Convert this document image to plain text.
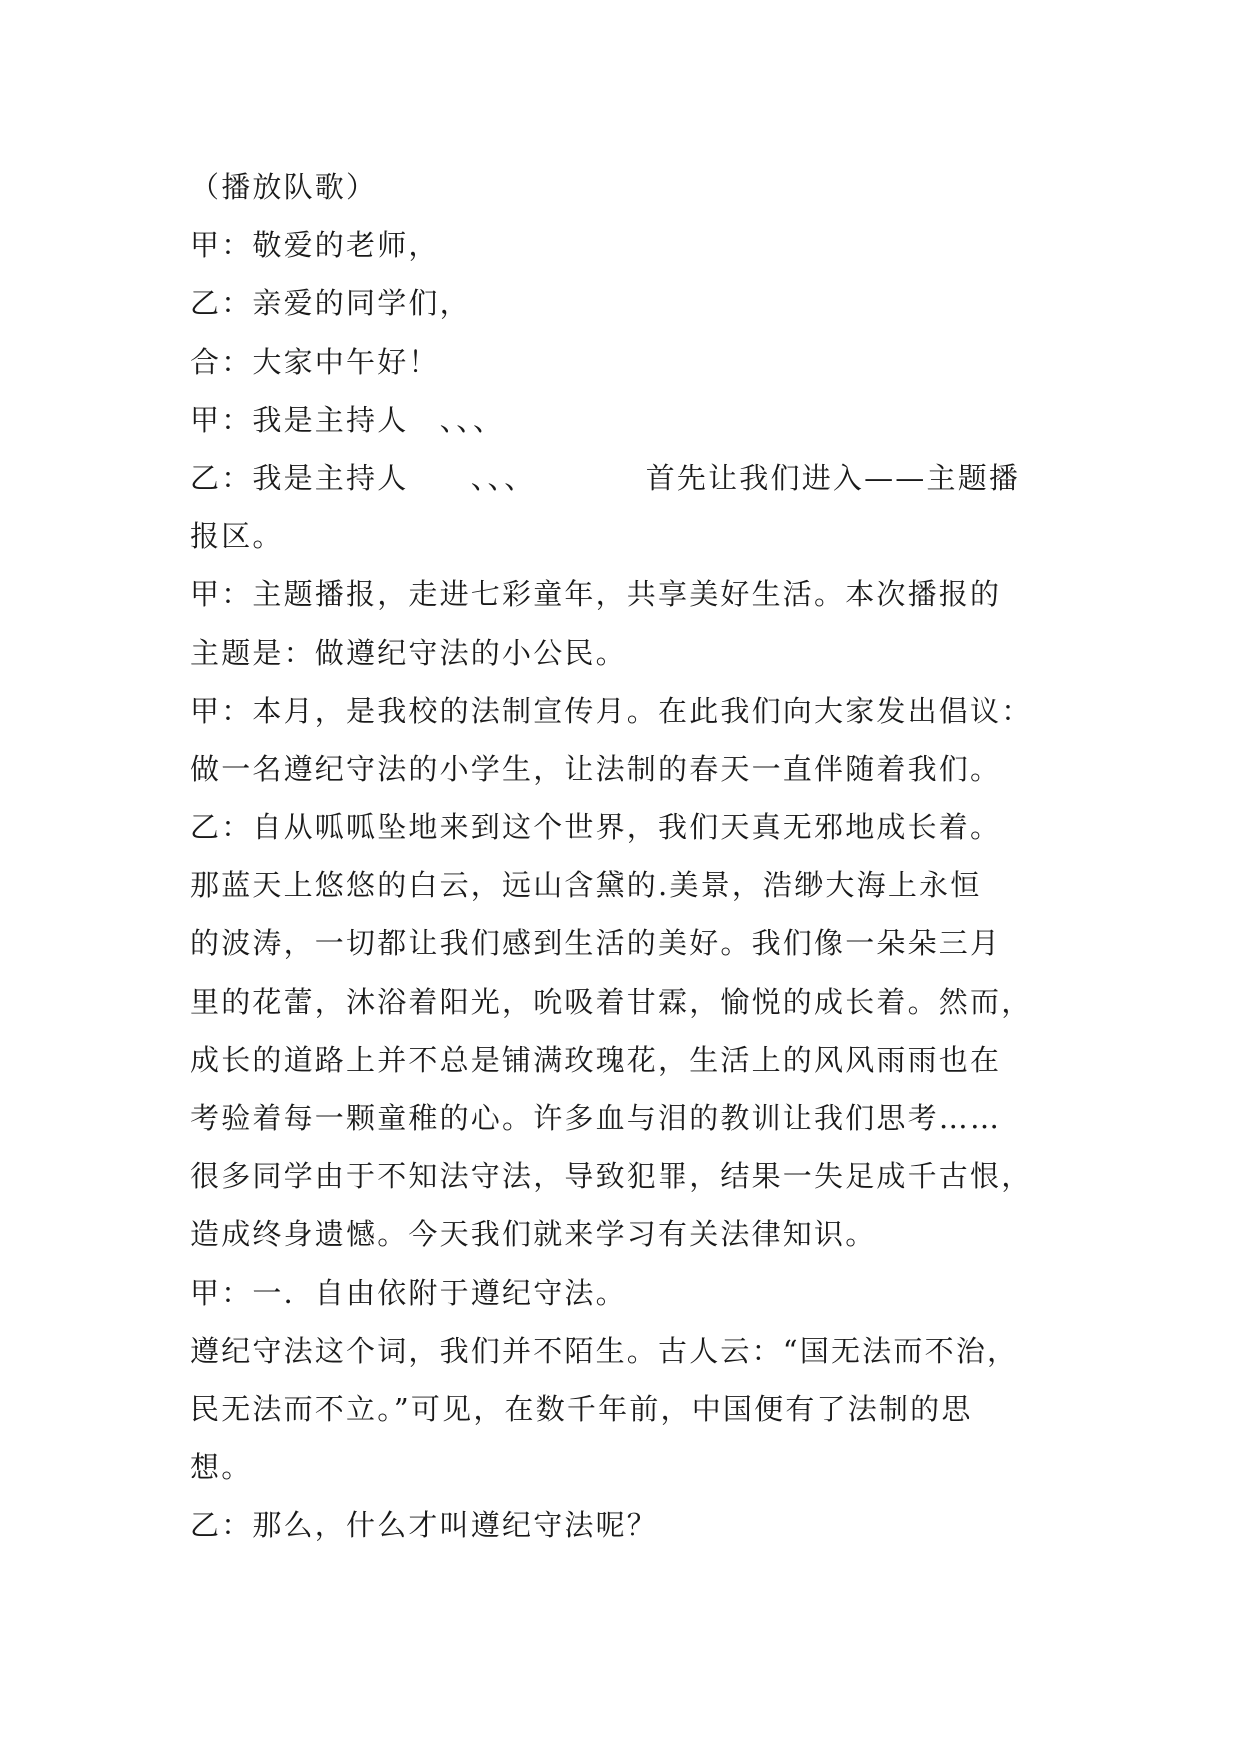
（播放队歌）
甲：敬爱的老师，
乙：亲爱的同学们，
合：大家中午好！
甲：我是主持人　、、、
乙：我是主持人　　、、、　　　　首先让我们进入——主题播
报区。
甲：主题播报，走进七彩童年，共享美好生活。本次播报的
主题是：做遵纪守法的小公民。
甲：本月，是我校的法制宣传月。在此我们向大家发出倡议：
做一名遵纪守法的小学生，让法制的春天一直伴随着我们。
乙：自从呱呱坠地来到这个世界，我们天真无邪地成长着。
那蓝天上悠悠的白云，远山含黛的.美景，浩缈大海上永恒
的波涛，一切都让我们感到生活的美好。我们像一朵朵三月
里的花蕾，沐浴着阳光，吮吸着甘霖，愉悦的成长着。然而，
成长的道路上并不总是铺满玫瑰花，生活上的风风雨雨也在
考验着每一颗童稚的心。许多血与泪的教训让我们思考……
很多同学由于不知法守法，导致犯罪，结果一失足成千古恨，
造成终身遗憾。今天我们就来学习有关法律知识。
甲：一．自由依附于遵纪守法。
遵纪守法这个词，我们并不陌生。古人云：“国无法而不治，
民无法而不立。”可见，在数千年前，中国便有了法制的思
想。
乙：那么，什么才叫遵纪守法呢？
